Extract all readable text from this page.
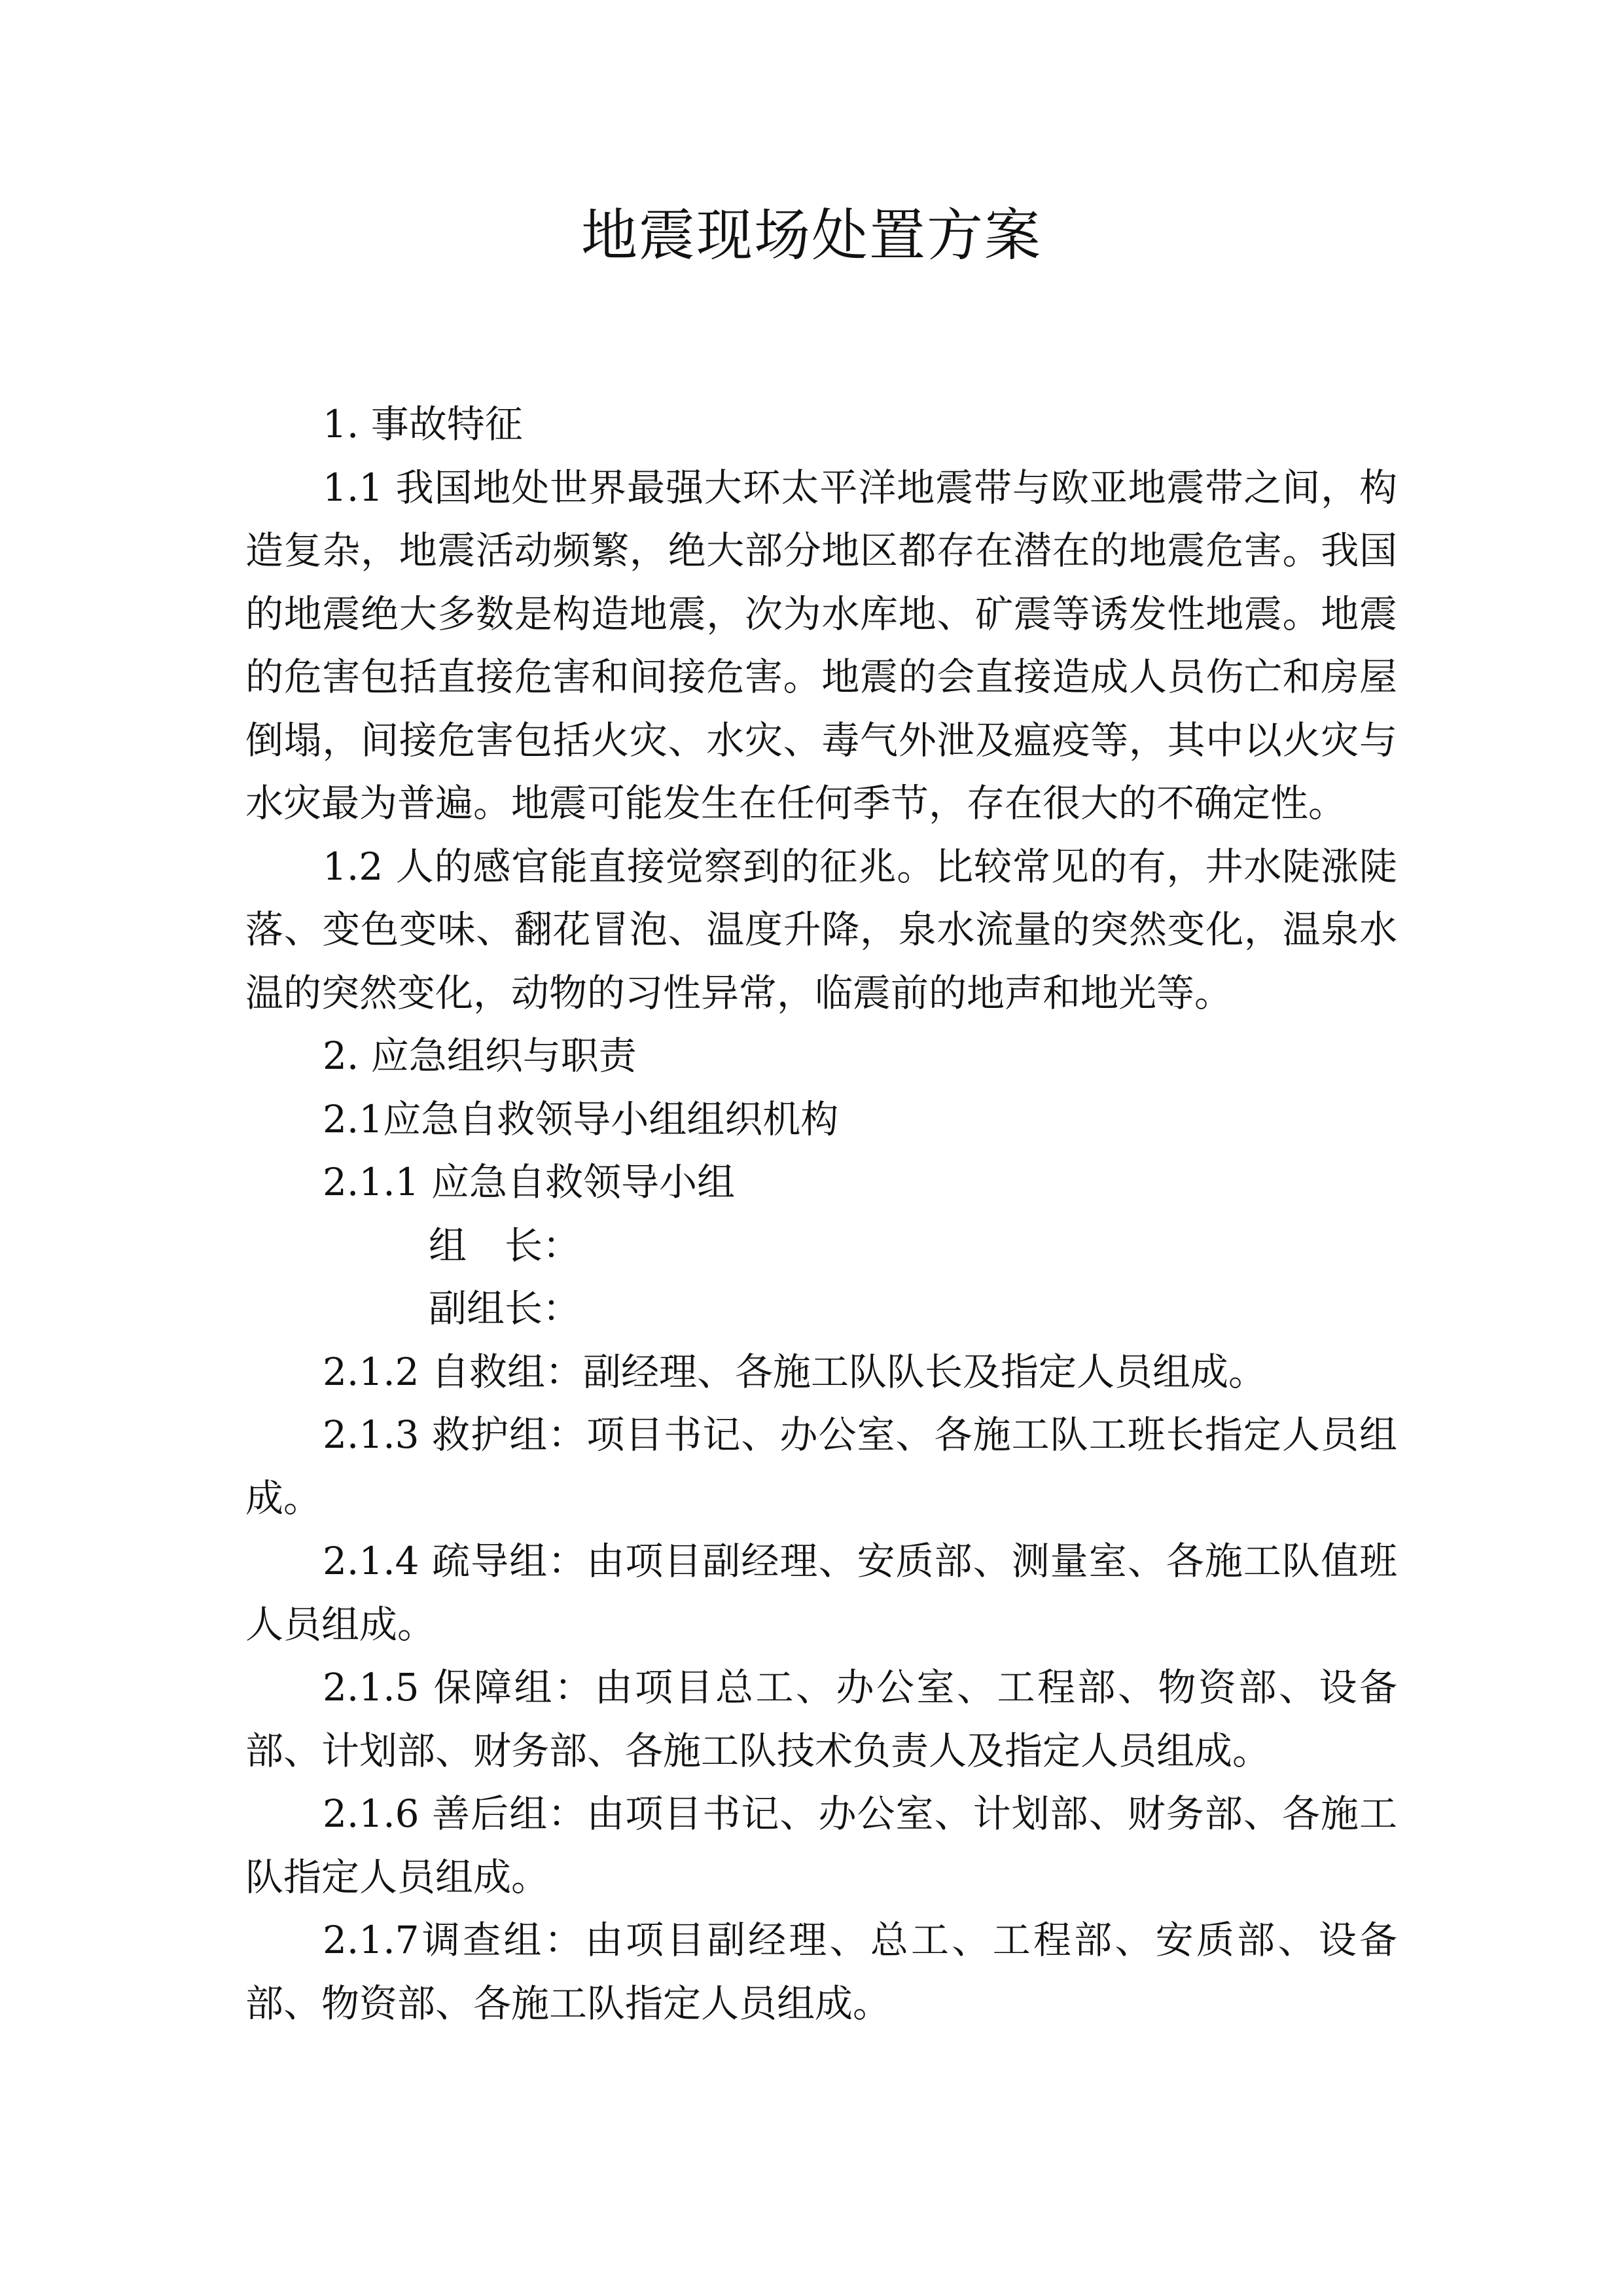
地震现场处置方案

1. 事故特征

1.1 我国地处世界最强大环太平洋地震带与欧亚地震带之间，构造复杂，地震活动频繁，绝大部分地区都存在潜在的地震危害。我国的地震绝大多数是构造地震，次为水库地、矿震等诱发性地震。地震的危害包括直接危害和间接危害。地震的会直接造成人员伤亡和房屋倒塌，间接危害包括火灾、水灾、毒气外泄及瘟疫等，其中以火灾与水灾最为普遍。地震可能发生在任何季节，存在很大的不确定性。

1.2 人的感官能直接觉察到的征兆。比较常见的有，井水陡涨陡落、变色变味、翻花冒泡、温度升降，泉水流量的突然变化，温泉水温的突然变化，动物的习性异常，临震前的地声和地光等。

2. 应急组织与职责

2.1应急自救领导小组组织机构

2.1.1 应急自救领导小组

组　长：

副组长：

2.1.2 自救组：副经理、各施工队队长及指定人员组成。

2.1.3 救护组：项目书记、办公室、各施工队工班长指定人员组成。

2.1.4 疏导组：由项目副经理、安质部、测量室、各施工队值班人员组成。

2.1.5 保障组：由项目总工、办公室、工程部、物资部、设备部、计划部、财务部、各施工队技术负责人及指定人员组成。

2.1.6 善后组：由项目书记、办公室、计划部、财务部、各施工队指定人员组成。

2.1.7调查组：由项目副经理、总工、工程部、安质部、设备部、物资部、各施工队指定人员组成。
